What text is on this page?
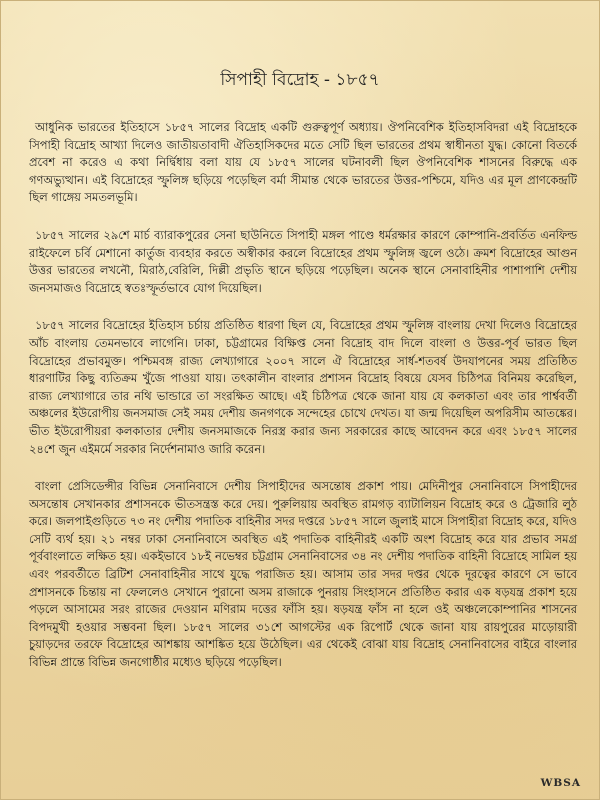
সিপাহী বিদ্রোহ - ১৮৫৭

আধুনিক ভারতের ইতিহাসে ১৮৫৭ সালের বিদ্রোহ একটি গুরুত্বপূর্ণ অধ্যায়। ঔপনিবেশিক ইতিহাসবিদরা এই বিদ্রোহকে সিপাহী বিদ্রোহ আখ্যা দিলেও জাতীয়তাবাদী ঐতিহাসিকদের মতে সেটি ছিল ভারতের প্রথম স্বাধীনতা যুদ্ধ। কোনো বিতর্কে প্রবেশ না করেও এ কথা নির্দ্বিধায় বলা যায় যে ১৮৫৭ সালের ঘটনাবলী ছিল ঔপনিবেশিক শাসনের বিরুদ্ধে এক গণঅভ্যুত্থান। এই বিদ্রোহের স্ফুলিঙ্গ ছড়িয়ে পড়েছিল বর্মা সীমান্ত থেকে ভারতের উত্তর-পশ্চিমে, যদিও এর মূল প্রাণকেন্দ্রটি ছিল গাঙ্গেয় সমতলভূমি।

১৮৫৭ সালের ২৯শে মার্চ ব্যারাকপুরের সেনা ছাউনিতে সিপাহী মঙ্গল পাণ্ডে ধর্মরক্ষার কারণে কোম্পানি-প্রবর্তিত এনফিল্ড রাইফেলে চর্বি মেশানো কার্তুজ ব্যবহার করতে অস্বীকার করলে বিদ্রোহের প্রথম স্ফুলিঙ্গ জ্বলে ওঠে। ক্রমশ বিদ্রোহের আগুন উত্তর ভারতের লখনৌ, মিরাঠ,বেরিলি, দিল্লী প্রভৃতি স্থানে ছড়িয়ে পড়েছিল। অনেক স্থানে সেনাবাহিনীর পাশাপাশি দেশীয় জনসমাজও বিদ্রোহে স্বতঃস্ফূর্তভাবে যোগ দিয়েছিল।

১৮৫৭ সালের বিদ্রোহের ইতিহাস চর্চায় প্রতিষ্ঠিত ধারণা ছিল যে, বিদ্রোহের প্রথম স্ফুলিঙ্গ বাংলায় দেখা দিলেও বিদ্রোহের আঁচ বাংলায় তেমনভাবে লাগেনি। ঢাকা, চট্টগ্রামের বিক্ষিপ্ত সেনা বিদ্রোহ বাদ দিলে বাংলা ও উত্তর-পূর্ব ভারত ছিল বিদ্রোহের প্রভাবমুক্ত। পশ্চিমবঙ্গ রাজ্য লেখ্যাগারে ২০০৭ সালে ঐ বিদ্রোহের সার্ধ-শতবর্ষ উদযাপনের সময় প্রতিষ্ঠিত ধারণাটির কিছু ব্যতিক্রম খুঁজে পাওয়া যায়। তৎকালীন বাংলার প্রশাসন বিদ্রোহ বিষয়ে যেসব চিঠিপত্র বিনিময় করেছিল, রাজ্য লেখ্যাগারে তার নথি ভান্ডারে তা সংরক্ষিত আছে। এই চিঠিপত্র থেকে জানা যায় যে কলকাতা এবং তার পার্শ্ববর্তী অঞ্চলের ইউরোপীয় জনসমাজ সেই সময় দেশীয় জনগণকে সন্দেহের চোখে দেখত। যা জন্ম দিয়েছিল অপরিসীম আতঙ্কের। ভীত ইউরোপীয়রা কলকাতার দেশীয় জনসমাজকে নিরস্ত্র করার জন্য সরকারের কাছে আবেদন করে এবং ১৮৫৭ সালের ২৪শে জুন এইমর্মে সরকার নির্দেশনামাও জারি করেন।

বাংলা প্রেসিডেন্সীর বিভিন্ন সেনানিবাসে দেশীয় সিপাহীদের অসন্তোষ প্রকাশ পায়। মেদিনীপুর সেনানিবাসে সিপাহীদের অসন্তোষ সেখানকার প্রশাসনকে ভীতসন্ত্রস্ত করে দেয়। পুরুলিয়ায় অবস্থিত রামগড় ব্যাটালিয়ন বিদ্রোহ করে ও ট্রেজারি লুঠ করে। জলপাইগুড়িতে ৭৩ নং দেশীয় পদাতিক বাহিনীর সদর দপ্তরে ১৮৫৭ সালে জুলাই মাসে সিপাহীরা বিদ্রোহ করে, যদিও সেটি ব্যর্থ হয়। ২১ নম্বর ঢাকা সেনানিবাসে অবস্থিত এই পদাতিক বাহিনীরই একটি অংশ বিদ্রোহ করে যার প্রভাব সমগ্র পূর্ববাংলাতে লক্ষিত হয়। একইভাবে ১৮ই নভেম্বর চট্টগ্রাম সেনানিবাসের ৩৪ নং দেশীয় পদাতিক বাহিনী বিদ্রোহে সামিল হয় এবং পরবর্তীতে ব্রিটিশ সেনাবাহিনীর সাথে যুদ্ধে পরাজিত হয়। আসাম তার সদর দপ্তর থেকে দূরত্বের কারণে সে ভাবে প্রশাসনকে চিন্তায় না ফেললেও সেখানে পুরানো অসম রাজাকে পুনরায় সিংহাসনে প্রতিষ্ঠিত করার এক ষড়যন্ত্র প্রকাশ হয়ে পড়লে আসামের সরং রাজের দেওয়ান মণিরাম দত্তের ফাঁসি হয়। ষড়যন্ত্র ফাঁস না হলে ওই অঞ্চলেকোম্পানির শাসনের বিপদমুখী হওয়ার সম্ভবনা ছিল। ১৮৫৭ সালের ৩১শে আগস্টের এক রিপোর্ট থেকে জানা যায় রায়পুরের মাড়োয়ারী চুয়াড়দের তরফে বিদ্রোহের আশঙ্কায় আশঙ্কিত হয়ে উঠেছিল। এর থেকেই বোঝা যায় বিদ্রোহ সেনানিবাসের বাইরে বাংলার বিভিন্ন প্রান্তে বিভিন্ন জনগোষ্ঠীর মধ্যেও ছড়িয়ে পড়েছিল।

WBSA
